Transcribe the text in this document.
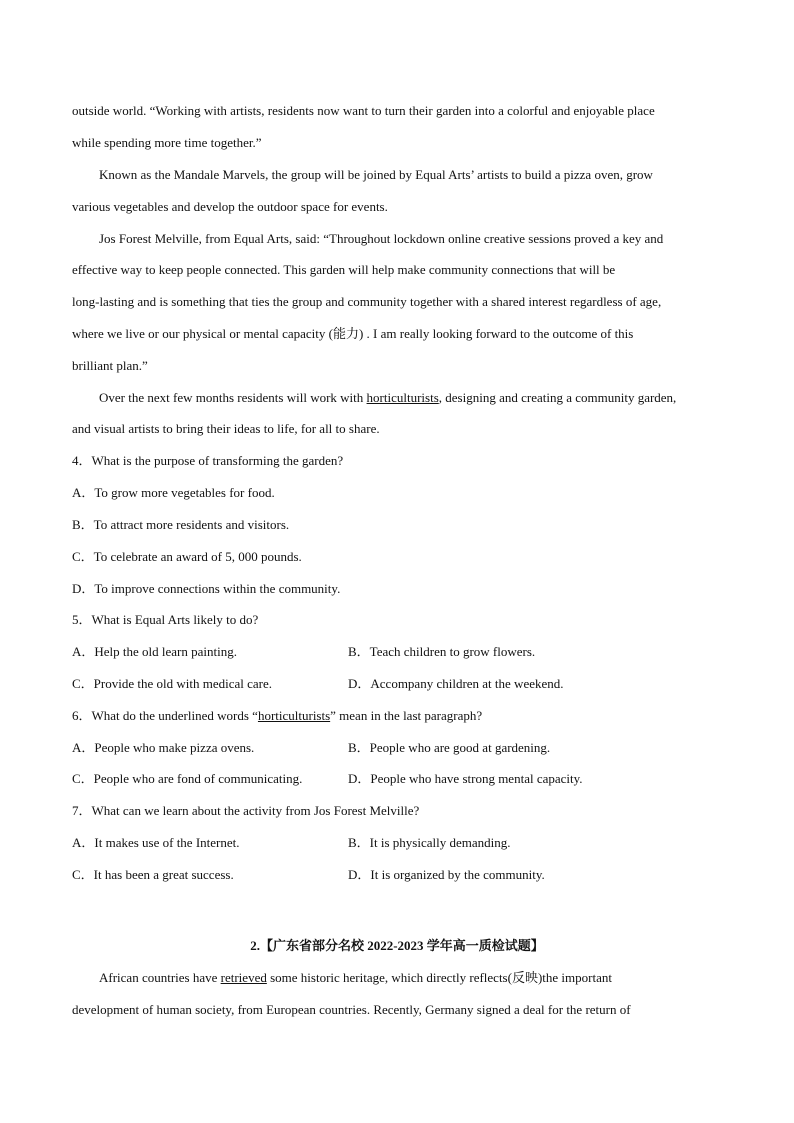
outside world. “Working with artists, residents now want to turn their garden into a colorful and enjoyable place
while spending more time together.”
Known as the Mandale Marvels, the group will be joined by Equal Arts’ artists to build a pizza oven, grow
various vegetables and develop the outdoor space for events.
Jos Forest Melville, from Equal Arts, said: “Throughout lockdown online creative sessions proved a key and
effective way to keep people connected. This garden will help make community connections that will be
long-lasting and is something that ties the group and community together with a shared interest regardless of age,
where we live or our physical or mental capacity (能力) . I am really looking forward to the outcome of this
brilliant plan.”
Over the next few months residents will work with horticulturists, designing and creating a community garden,
and visual artists to bring their ideas to life, for all to share.
4．What is the purpose of transforming the garden?
A．To grow more vegetables for food.
B．To attract more residents and visitors.
C．To celebrate an award of 5, 000 pounds.
D．To improve connections within the community.
5．What is Equal Arts likely to do?
A．Help the old learn painting.	B．Teach children to grow flowers.
C．Provide the old with medical care.	D．Accompany children at the weekend.
6．What do the underlined words “horticulturists” mean in the last paragraph?
A．People who make pizza ovens.	B．People who are good at gardening.
C．People who are fond of communicating.	D．People who have strong mental capacity.
7．What can we learn about the activity from Jos Forest Melville?
A．It makes use of the Internet.	B．It is physically demanding.
C．It has been a great success.	D．It is organized by the community.
2.【广东省部分名校 2022-2023 学年高一质检试题】
African countries have retrieved some historic heritage, which directly reflects(反映)the important
development of human society, from European countries. Recently, Germany signed a deal for the return of
